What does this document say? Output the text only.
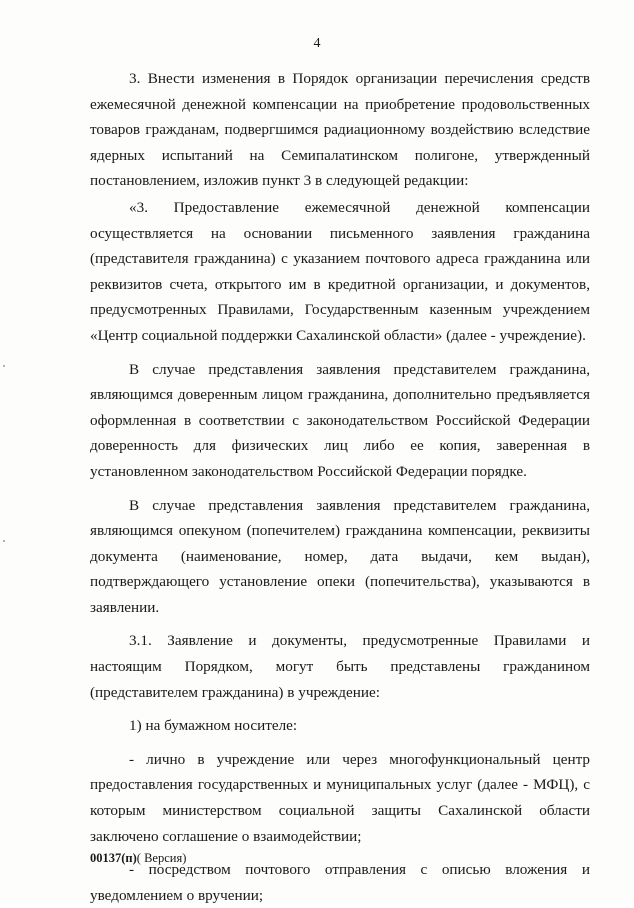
4

3. Внести изменения в Порядок организации перечисления средств ежемесячной денежной компенсации на приобретение продовольственных товаров гражданам, подвергшимся радиационному воздействию вследствие ядерных испытаний на Семипалатинском полигоне, утвержденный постановлением, изложив пункт 3 в следующей редакции:

«3. Предоставление ежемесячной денежной компенсации осуществляется на основании письменного заявления гражданина (представителя гражданина) с указанием почтового адреса гражданина или реквизитов счета, открытого им в кредитной организации, и документов, предусмотренных Правилами, Государственным казенным учреждением «Центр социальной поддержки Сахалинской области» (далее - учреждение).

В случае представления заявления представителем гражданина, являющимся доверенным лицом гражданина, дополнительно предъявляется оформленная в соответствии с законодательством Российской Федерации доверенность для физических лиц либо ее копия, заверенная в установленном законодательством Российской Федерации порядке.

В случае представления заявления представителем гражданина, являющимся опекуном (попечителем) гражданина компенсации, реквизиты документа (наименование, номер, дата выдачи, кем выдан), подтверждающего установление опеки (попечительства), указываются в заявлении.

3.1. Заявление и документы, предусмотренные Правилами и настоящим Порядком, могут быть представлены гражданином (представителем гражданина) в учреждение:

1) на бумажном носителе:

- лично в учреждение или через многофункциональный центр предоставления государственных и муниципальных услуг (далее - МФЦ), с которым министерством социальной защиты Сахалинской области заключено соглашение о взаимодействии;

- посредством почтового отправления с описью вложения и уведомлением о вручении;

00137(п)( Версия)
